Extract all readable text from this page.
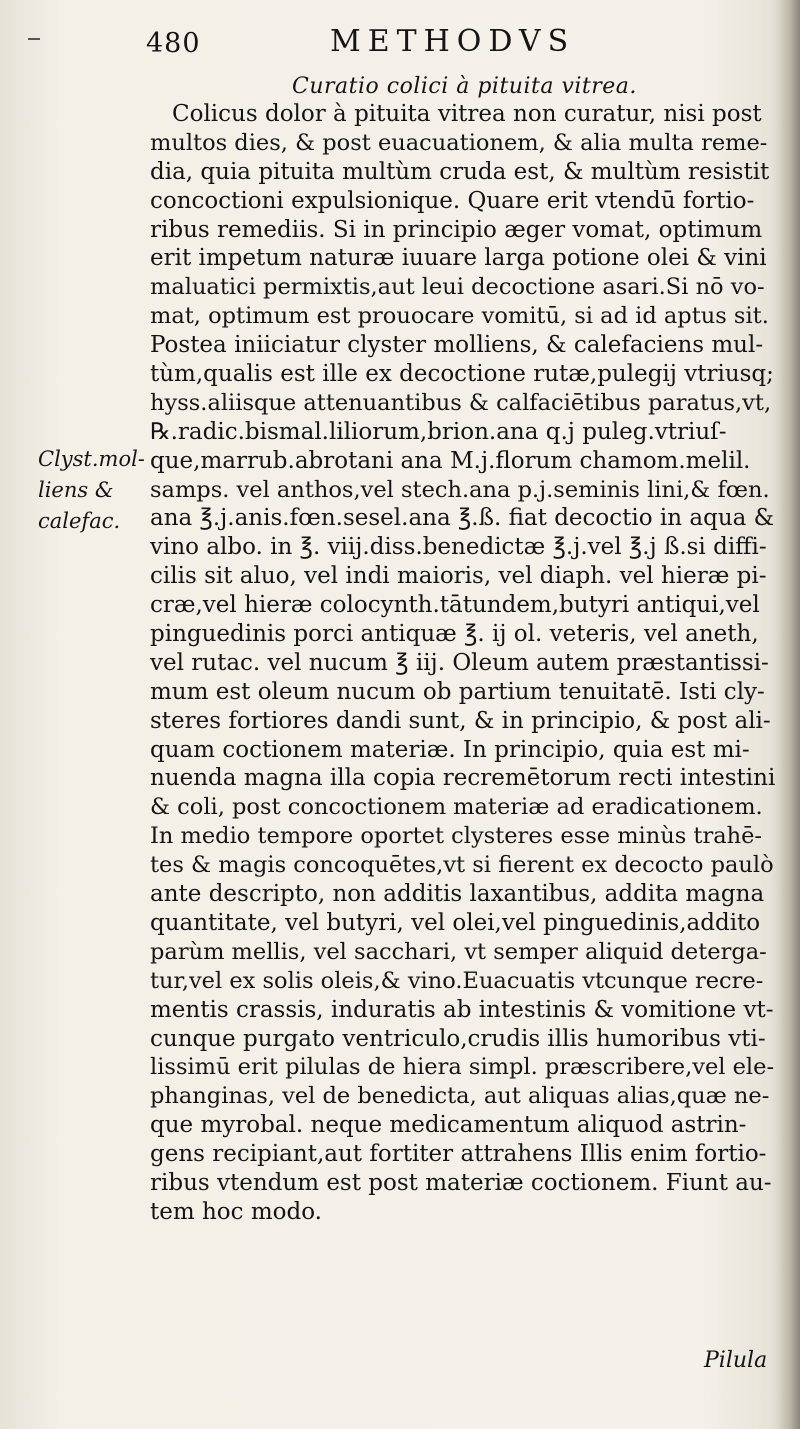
480	METHODVS
Curatio colici à pituita vitrea.
Clyst.mol-
liens &
calefac.
Colicus dolor à pituita vitrea non curatur, nisi post
multos dies, & post euacuationem, & alia multa reme-
dia, quia pituita multùm cruda est, & multùm resistit
concoctioni expulsionique. Quare erit vtendū fortio-
ribus remediis. Si in principio æger vomat, optimum
erit impetum naturæ iuuare larga potione olei & vini
maluatici permixtis,aut leui decoctione asari.Si nō vo-
mat, optimum est prouocare vomitū, si ad id aptus sit.
Postea iniiciatur clyster molliens, & calefaciens mul-
tùm,qualis est ille ex decoctione rutæ,pulegij vtriusq;
hyss.aliisque attenuantibus & calfaciētibus paratus,vt,
℞.radic.bismal.liliorum,brion.ana q.j puleg.vtriuſ-
que,marrub.abrotani ana M.j.florum chamom.melil.
samps. vel anthos,vel stech.ana p.j.seminis lini,& fœn.
ana ℥.j.anis.fœn.sesel.ana ℥.ß. fiat decoctio in aqua &
vino albo. in ℥. viij.diss.benedictæ ℥.j.vel ℥.j ß.si diffi-
cilis sit aluo, vel indi maioris, vel diaph. vel hieræ pi-
cræ,vel hieræ colocynth.tātundem,butyri antiqui,vel
pinguedinis porci antiquæ ℥. ij ol. veteris, vel aneth,
vel rutac. vel nucum ℥ iij. Oleum autem præstantissi-
mum est oleum nucum ob partium tenuitatē. Isti cly-
steres fortiores dandi sunt, & in principio, & post ali-
quam coctionem materiæ. In principio, quia est mi-
nuenda magna illa copia recremētorum recti intestini
& coli, post concoctionem materiæ ad eradicationem.
In medio tempore oportet clysteres esse minùs trahē-
tes & magis concoquētes,vt si fierent ex decocto paulò
ante descripto, non additis laxantibus, addita magna
quantitate, vel butyri, vel olei,vel pinguedinis,addito
parùm mellis, vel sacchari, vt semper aliquid deterga-
tur,vel ex solis oleis,& vino.Euacuatis vtcunque recre-
mentis crassis, induratis ab intestinis & vomitione vt-
cunque purgato ventriculo,crudis illis humoribus vti-
lissimū erit pilulas de hiera simpl. præscribere,vel ele-
phanginas, vel de benedicta, aut aliquas alias,quæ ne-
que myrobal. neque medicamentum aliquod astrin-
gens recipiant,aut fortiter attrahens Illis enim fortio-
ribus vtendum est post materiæ coctionem. Fiunt au-
tem hoc modo.
Pilula
